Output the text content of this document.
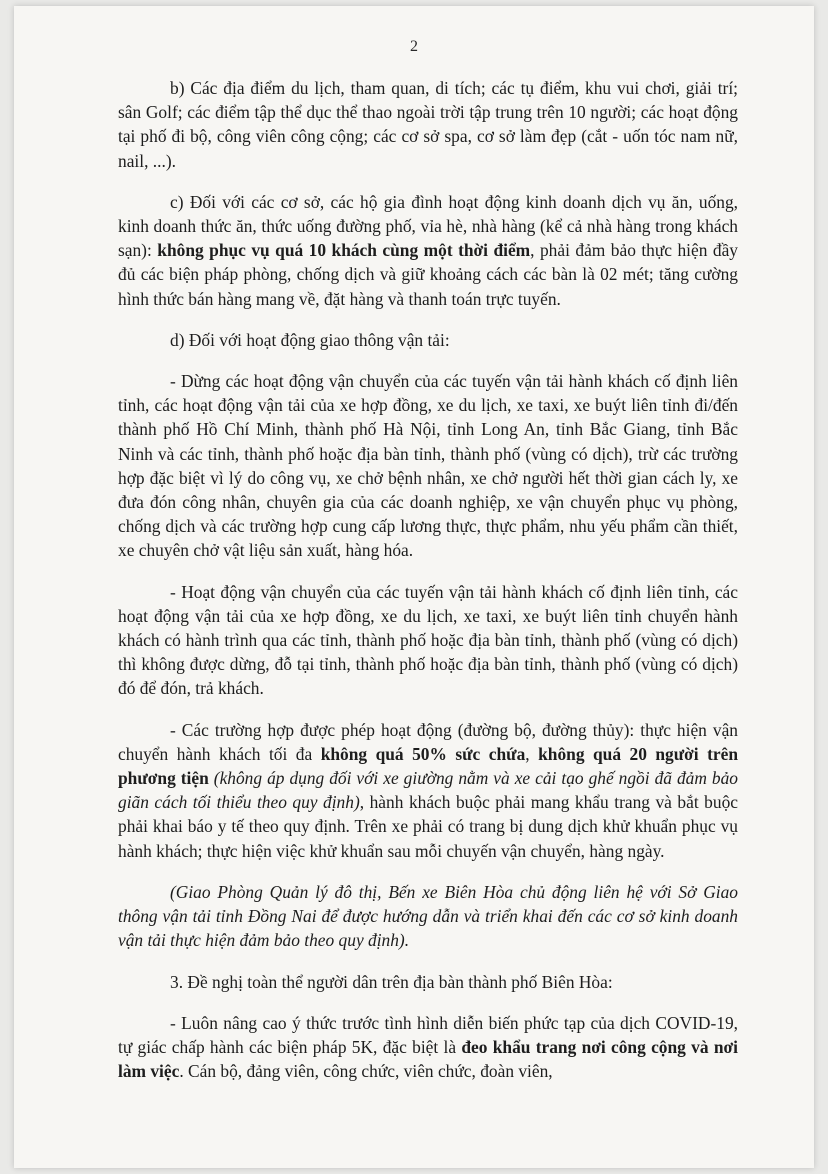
2

b) Các địa điểm du lịch, tham quan, di tích; các tụ điểm, khu vui chơi, giải trí; sân Golf; các điểm tập thể dục thể thao ngoài trời tập trung trên 10 người; các hoạt động tại phố đi bộ, công viên công cộng; các cơ sở spa, cơ sở làm đẹp (cắt - uốn tóc nam nữ, nail, ...).

c) Đối với các cơ sở, các hộ gia đình hoạt động kinh doanh dịch vụ ăn, uống, kinh doanh thức ăn, thức uống đường phố, vỉa hè, nhà hàng (kể cả nhà hàng trong khách sạn): không phục vụ quá 10 khách cùng một thời điểm, phải đảm bảo thực hiện đầy đủ các biện pháp phòng, chống dịch và giữ khoảng cách các bàn là 02 mét; tăng cường hình thức bán hàng mang về, đặt hàng và thanh toán trực tuyến.

d) Đối với hoạt động giao thông vận tải:

- Dừng các hoạt động vận chuyển của các tuyến vận tải hành khách cố định liên tỉnh, các hoạt động vận tải của xe hợp đồng, xe du lịch, xe taxi, xe buýt liên tỉnh đi/đến thành phố Hồ Chí Minh, thành phố Hà Nội, tỉnh Long An, tỉnh Bắc Giang, tỉnh Bắc Ninh và các tỉnh, thành phố hoặc địa bàn tỉnh, thành phố (vùng có dịch), trừ các trường hợp đặc biệt vì lý do công vụ, xe chở bệnh nhân, xe chở người hết thời gian cách ly, xe đưa đón công nhân, chuyên gia của các doanh nghiệp, xe vận chuyển phục vụ phòng, chống dịch và các trường hợp cung cấp lương thực, thực phẩm, nhu yếu phẩm cần thiết, xe chuyên chở vật liệu sản xuất, hàng hóa.

- Hoạt động vận chuyển của các tuyến vận tải hành khách cố định liên tỉnh, các hoạt động vận tải của xe hợp đồng, xe du lịch, xe taxi, xe buýt liên tỉnh chuyển hành khách có hành trình qua các tỉnh, thành phố hoặc địa bàn tỉnh, thành phố (vùng có dịch) thì không được dừng, đỗ tại tỉnh, thành phố hoặc địa bàn tỉnh, thành phố (vùng có dịch) đó để đón, trả khách.

- Các trường hợp được phép hoạt động (đường bộ, đường thủy): thực hiện vận chuyển hành khách tối đa không quá 50% sức chứa, không quá 20 người trên phương tiện (không áp dụng đối với xe giường nằm và xe cải tạo ghế ngồi đã đảm bảo giãn cách tối thiểu theo quy định), hành khách buộc phải mang khẩu trang và bắt buộc phải khai báo y tế theo quy định. Trên xe phải có trang bị dung dịch khử khuẩn phục vụ hành khách; thực hiện việc khử khuẩn sau mỗi chuyến vận chuyển, hàng ngày.

(Giao Phòng Quản lý đô thị, Bến xe Biên Hòa chủ động liên hệ với Sở Giao thông vận tải tỉnh Đồng Nai để được hướng dẫn và triển khai đến các cơ sở kinh doanh vận tải thực hiện đảm bảo theo quy định).

3. Đề nghị toàn thể người dân trên địa bàn thành phố Biên Hòa:

- Luôn nâng cao ý thức trước tình hình diễn biến phức tạp của dịch COVID-19, tự giác chấp hành các biện pháp 5K, đặc biệt là đeo khẩu trang nơi công cộng và nơi làm việc. Cán bộ, đảng viên, công chức, viên chức, đoàn viên,
